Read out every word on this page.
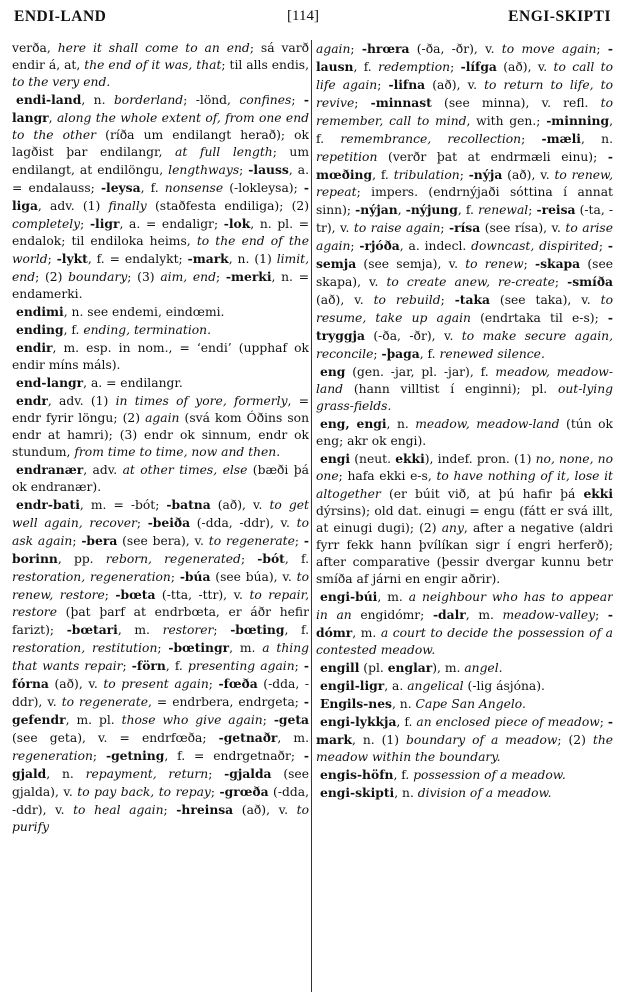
ENDI-LAND	[114]	ENGI-SKIPTI

verða, here it shall come to an end; sá varð endir á, at, the end of it was, that; til alls endis, to the very end.

endi-land, n. borderland; -lönd, confines; -langr, along the whole extent of, from one end to the other (ríða um endilangt herað); ok lagðist þar endilangr, at full length; um endilangt, at endilöngu, lengthways; -lauss, a. = endalauss; -leysa, f. nonsense (-lokleysa); -liga, adv. (1) finally (staðfesta endiliga); (2) completely; -ligr, a. = endaligr; -lok, n. pl. = endalok; til endiloka heims, to the end of the world; -lykt, f. = endalykt; -mark, n. (1) limit, end; (2) boundary; (3) aim, end; -merki, n. = endamerki.

endimi, n. see endemi, eindœmi.

ending, f. ending, termination.

endir, m. esp. in nom., = ‘endi’ (upphaf ok endir míns máls).

end-langr, a. = endilangr.

endr, adv. (1) in times of yore, formerly, = endr fyrir löngu; (2) again (svá kom Óðins son endr at hamri); (3) endr ok sinnum, endr ok stundum, from time to time, now and then.

endranær, adv. at other times, else (bæði þá ok endranær).

endr-bati, m. = -bót; -batna (að), v. to get well again, recover; -beiða (-dda, -ddr), v. to ask again; -bera (see bera), v. to regenerate; -borinn, pp. reborn, regenerated; -bót, f. restoration, regeneration; -búa (see búa), v. to renew, restore; -bœta (-tta, -ttr), v. to repair, restore (þat þarf at endrbœta, er áðr hefir farizt); -bœtari, m. restorer; -bœting, f. restoration, restitution; -bœtingr, m. a thing that wants repair; -förn, f. presenting again; -fórna (að), v. to present again; -fœða (-dda, -ddr), v. to regenerate, = endrbera, endrgeta; -gefendr, m. pl. those who give again; -geta (see geta), v. = endrfœða; -getnaðr, m. regeneration; -getning, f. = endrgetnaðr; -gjald, n. repayment, return; -gjalda (see gjalda), v. to pay back, to repay; -grœða (-dda, -ddr), v. to heal again; -hreinsa (að), v. to purify

again; -hrœra (-ða, -ðr), v. to move again; -lausn, f. redemption; -lífga (að), v. to call to life again; -lifna (að), v. to return to life, to revive; -minnast (see minna), v. refl. to remember, call to mind, with gen.; -minning, f. remembrance, recollection; -mæli, n. repetition (verðr þat at endrmæli einu); -mœðing, f. tribulation; -nýja (að), v. to renew, repeat; impers. (endrnýjaði sóttina í annat sinn); -nýjan, -nýjung, f. renewal; -reisa (-ta, -tr), v. to raise again; -rísa (see rísa), v. to arise again; -rjóða, a. indecl. downcast, dispirited; -semja (see semja), v. to renew; -skapa (see skapa), v. to create anew, re-create; -smíða (að), v. to rebuild; -taka (see taka), v. to resume, take up again (endrtaka til e-s); -tryggja (-ða, -ðr), v. to make secure again, reconcile; -þaga, f. renewed silence.

eng (gen. -jar, pl. -jar), f. meadow, meadow-land (hann villtist í enginni); pl. out-lying grass-fields.

eng, engi, n. meadow, meadow-land (tún ok eng; akr ok engi).

engi (neut. ekki), indef. pron. (1) no, none, no one; hafa ekki e-s, to have nothing of it, lose it altogether (er búit við, at þú hafir þá ekki dýrsins); old dat. einugi = engu (fátt er svá illt, at einugi dugi); (2) any, after a negative (aldri fyrr fekk hann þvílíkan sigr í engri herferð); after comparative (þessir dvergar kunnu betr smíða af járni en engir aðrir).

engi-búi, m. a neighbour who has to appear in an engidómr; -dalr, m. meadow-valley; -dómr, m. a court to decide the possession of a contested meadow.

engill (pl. englar), m. angel.

engil-ligr, a. angelical (-lig ásjóna).

Engils-nes, n. Cape San Angelo.

engi-lykkja, f. an enclosed piece of meadow; -mark, n. (1) boundary of a meadow; (2) the meadow within the boundary.

engis-höfn, f. possession of a meadow.

engi-skipti, n. division of a meadow.
